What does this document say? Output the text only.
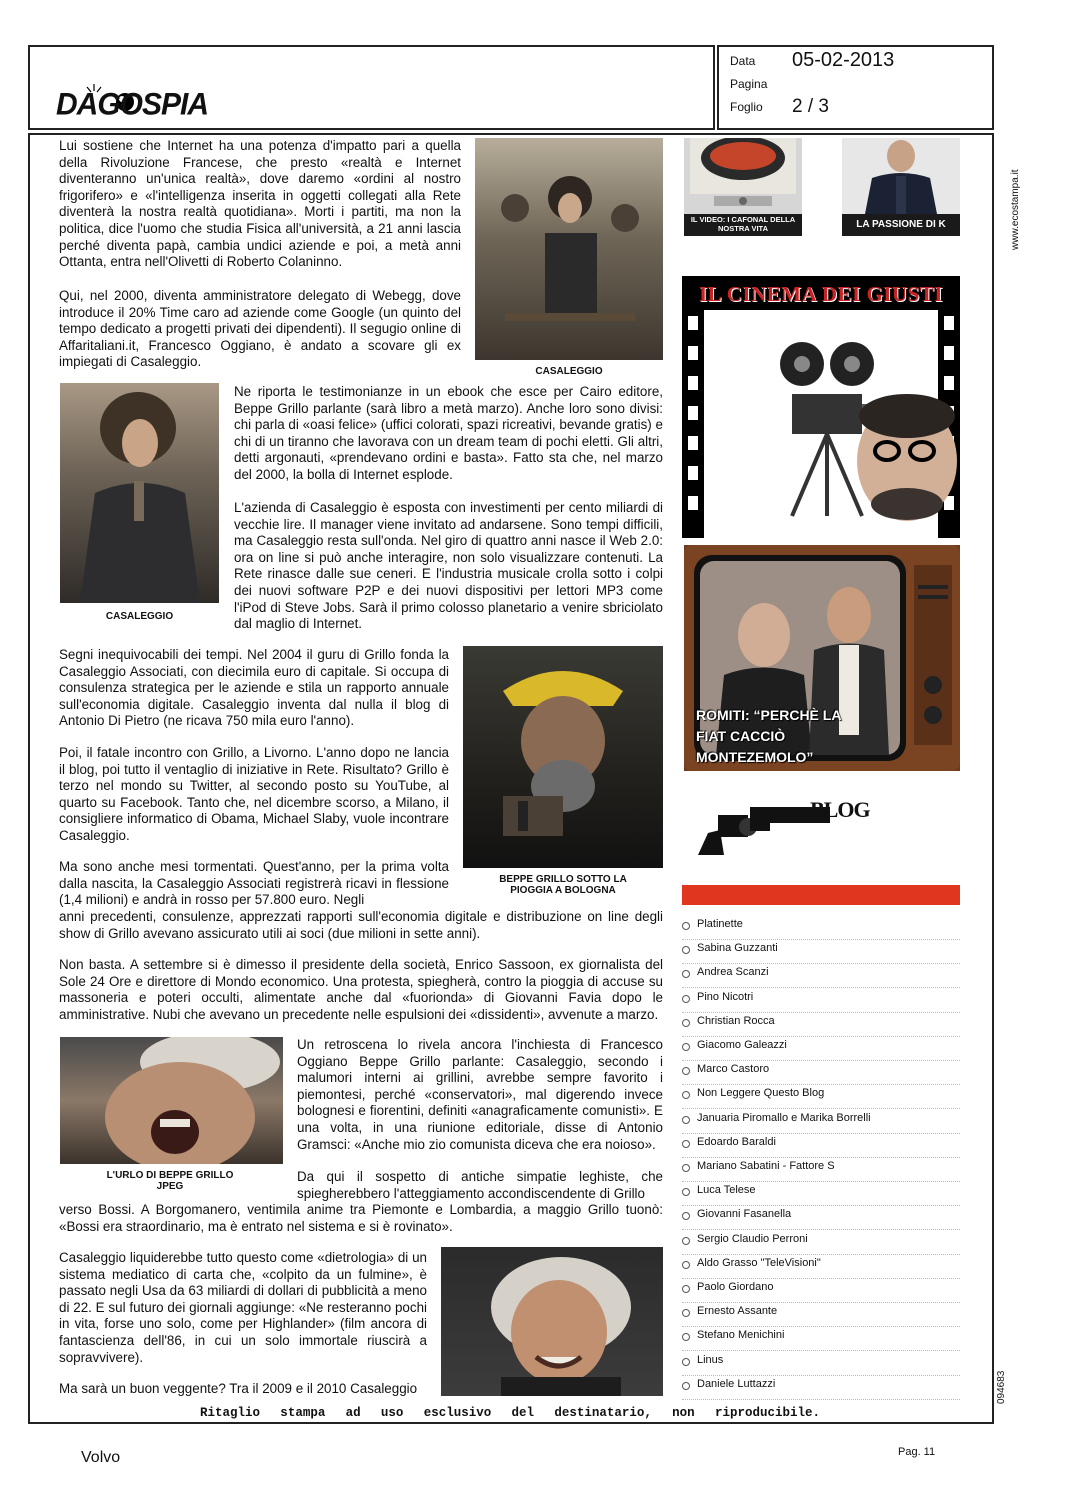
DAGOSPIA
Data 05-02-2013
Pagina
Foglio 2 / 3
www.ecostampa.it
094683

Lui sostiene che Internet ha una potenza d'impatto pari a quella della Rivoluzione Francese, che presto «realtà e Internet diventeranno un'unica realtà», dove daremo «ordini al nostro frigorifero» e «l'intelligenza inserita in oggetti collegati alla Rete diventerà la nostra realtà quotidiana». Morti i partiti, ma non la politica, dice l'uomo che studia Fisica all'università, a 21 anni lascia perché diventa papà, cambia undici aziende e poi, a metà anni Ottanta, entra nell'Olivetti di Roberto Colaninno.

Qui, nel 2000, diventa amministratore delegato di Webegg, dove introduce il 20% Time caro ad aziende come Google (un quinto del tempo dedicato a progetti privati dei dipendenti). Il segugio online di Affaritaliani.it, Francesco Oggiano, è andato a scovare gli ex impiegati di Casaleggio.

Ne riporta le testimonianze in un ebook che esce per Cairo editore, Beppe Grillo parlante (sarà libro a metà marzo). Anche loro sono divisi: chi parla di «oasi felice» (uffici colorati, spazi ricreativi, bevande gratis) e chi di un tiranno che lavorava con un dream team di pochi eletti. Gli altri, detti argonauti, «prendevano ordini e basta». Fatto sta che, nel marzo del 2000, la bolla di Internet esplode.

L'azienda di Casaleggio è esposta con investimenti per cento miliardi di vecchie lire. Il manager viene invitato ad andarsene. Sono tempi difficili, ma Casaleggio resta sull'onda. Nel giro di quattro anni nasce il Web 2.0: ora on line si può anche interagire, non solo visualizzare contenuti. La Rete rinasce dalle sue ceneri. E l'industria musicale crolla sotto i colpi dei nuovi software P2P e dei nuovi dispositivi per lettori MP3 come l'iPod di Steve Jobs. Sarà il primo colosso planetario a venire sbriciolato dal maglio di Internet.

Segni inequivocabili dei tempi. Nel 2004 il guru di Grillo fonda la Casaleggio Associati, con diecimila euro di capitale. Si occupa di consulenza strategica per le aziende e stila un rapporto annuale sull'economia digitale. Casaleggio inventa dal nulla il blog di Antonio Di Pietro (ne ricava 750 mila euro l'anno).

Poi, il fatale incontro con Grillo, a Livorno. L'anno dopo ne lancia il blog, poi tutto il ventaglio di iniziative in Rete. Risultato? Grillo è terzo nel mondo su Twitter, al secondo posto su YouTube, al quarto su Facebook. Tanto che, nel dicembre scorso, a Milano, il consigliere informatico di Obama, Michael Slaby, vuole incontrare Casaleggio.

Ma sono anche mesi tormentati. Quest'anno, per la prima volta dalla nascita, la Casaleggio Associati registrerà ricavi in flessione (1,4 milioni) e andrà in rosso per 57.800 euro. Negli

anni precedenti, consulenze, apprezzati rapporti sull'economia digitale e distribuzione on line degli show di Grillo avevano assicurato utili ai soci (due milioni in sette anni).

Non basta. A settembre si è dimesso il presidente della società, Enrico Sassoon, ex giornalista del Sole 24 Ore e direttore di Mondo economico. Una protesta, spiegherà, contro la pioggia di accuse su massoneria e poteri occulti, alimentate anche dal «fuorionda» di Giovanni Favia dopo le amministrative. Nubi che avevano un precedente nelle espulsioni dei «dissidenti», avvenute a marzo.

Un retroscena lo rivela ancora l'inchiesta di Francesco Oggiano Beppe Grillo parlante: Casaleggio, secondo i malumori interni ai grillini, avrebbe sempre favorito i piemontesi, perché «conservatori», mal digerendo invece bolognesi e fiorentini, definiti «anagraficamente comunisti». E una volta, in una riunione editoriale, disse di Antonio Gramsci: «Anche mio zio comunista diceva che era noioso».

Da qui il sospetto di antiche simpatie leghiste, che spiegherebbero l'atteggiamento accondiscendente di Grillo

verso Bossi. A Borgomanero, ventimila anime tra Piemonte e Lombardia, a maggio Grillo tuonò: «Bossi era straordinario, ma è entrato nel sistema e si è rovinato».

Casaleggio liquiderebbe tutto questo come «dietrologia» di un sistema mediatico di carta che, «colpito da un fulmine», è passato negli Usa da 63 miliardi di dollari di pubblicità a meno di 22. E sul futuro dei giornali aggiunge: «Ne resteranno pochi in vita, forse uno solo, come per Highlander» (film ancora di fantascienza dell'86, in cui un solo immortale riuscirà a sopravvivere).

Ma sarà un buon veggente? Tra il 2009 e il 2010 Casaleggio

CASALEGGIO
CASALEGGIO
BEPPE GRILLO SOTTO LA PIOGGIA A BOLOGNA
L'URLO DI BEPPE GRILLO JPEG
IL VIDEO: I CAFONAL DELLA NOSTRA VITA	LA PASSIONE DI K
IL CINEMA DEI GIUSTI
ROMITI: “PERCHÈ LA FIAT CACCIÒ MONTEZEMOLO”
BLOG
Platinette
Sabina Guzzanti
Andrea Scanzi
Pino Nicotri
Christian Rocca
Giacomo Galeazzi
Marco Castoro
Non Leggere Questo Blog
Januaria Piromallo e Marika Borrelli
Edoardo Baraldi
Mariano Sabatini - Fattore S
Luca Telese
Giovanni Fasanella
Sergio Claudio Perroni
Aldo Grasso "TeleVisioni"
Paolo Giordano
Ernesto Assante
Stefano Menichini
Linus
Daniele Luttazzi
Ritaglio stampa ad uso esclusivo del destinatario, non riproducibile.
Volvo	Pag. 11
